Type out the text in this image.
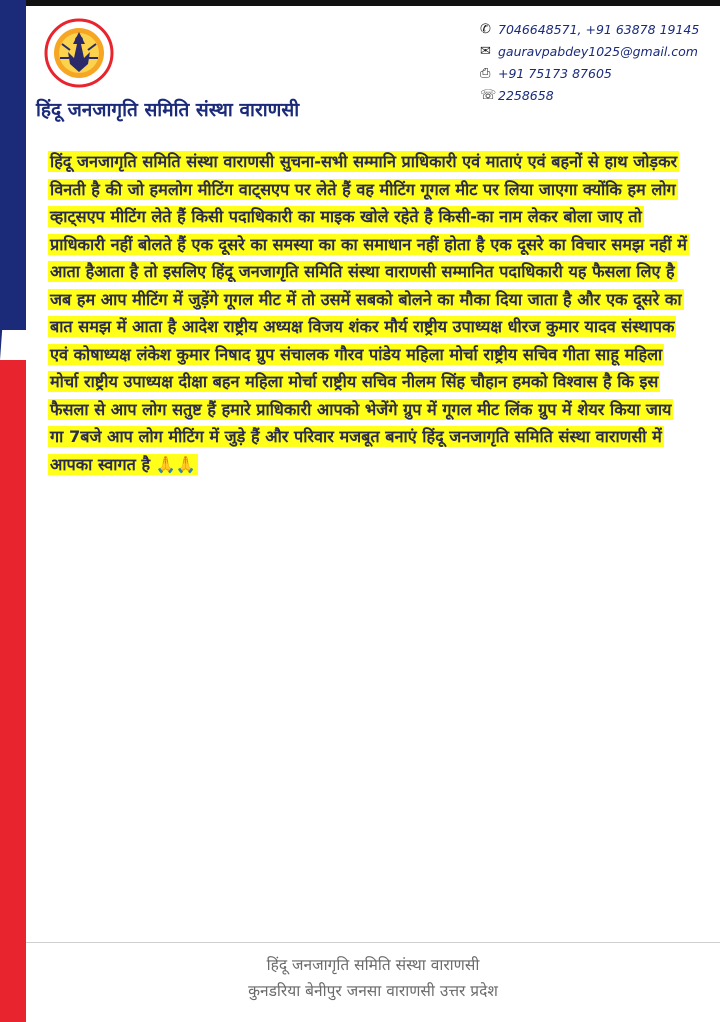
हिंदू जनजागृति समिति संस्था वाराणसी
✆ 7046648571, +91 63878 19145
✉ gauravpabdey1025@gmail.com
⎙ +91 75173 87605
☏ 2258658
हिंदू जनजागृति समिति संस्था वाराणसी सुचना-सभी सम्मानि प्राधिकारी एवं माताएं एवं बहनों से हाथ जोड़कर विनती है की जो हमलोग मीटिंग वाट्सएप पर लेते हैं वह मीटिंग गूगल मीट पर लिया जाएगा क्योंकि हम लोग व्हाट्सएप मीटिंग लेते हैं किसी पदाधिकारी का माइक खोले रहेते है किसी-का नाम लेकर बोला जाए तो प्राधिकारी नहीं बोलते हैं एक दूसरे का समस्या का का समाधान नहीं होता है एक दूसरे का विचार समझ नहीं में आता हैआता है तो इसलिए हिंदू जनजागृति समिति संस्था वाराणसी सम्मानित पदाधिकारी यह फैसला लिए है जब हम आप मीटिंग में जुड़ेंगे गूगल मीट में तो उसमें सबको बोलने का मौका दिया जाता है और एक दूसरे का बात समझ में आता है आदेश राष्ट्रीय अध्यक्ष विजय शंकर मौर्य राष्ट्रीय उपाध्यक्ष धीरज कुमार यादव संस्थापक एवं कोषाध्यक्ष लंकेश कुमार निषाद ग्रुप संचालक गौरव पांडेय महिला मोर्चा राष्ट्रीय सचिव गीता साहू महिला मोर्चा राष्ट्रीय उपाध्यक्ष दीक्षा बहन महिला मोर्चा राष्ट्रीय सचिव नीलम सिंह चौहान हमको विश्वास है कि इस फैसला से आप लोग सतुष्ट हैं हमारे प्राधिकारी आपको भेजेंगे ग्रुप में गूगल मीट लिंक ग्रुप में शेयर किया जाय गा 7बजे आप लोग मीटिंग में जुड़े हैं और परिवार मजबूत बनाएं हिंदू जनजागृति समिति संस्था वाराणसी में आपका स्वागत है 🙏🙏
हिंदू जनजागृति समिति संस्था वाराणसी
कुनडरिया बेनीपुर जनसा वाराणसी उत्तर प्रदेश
